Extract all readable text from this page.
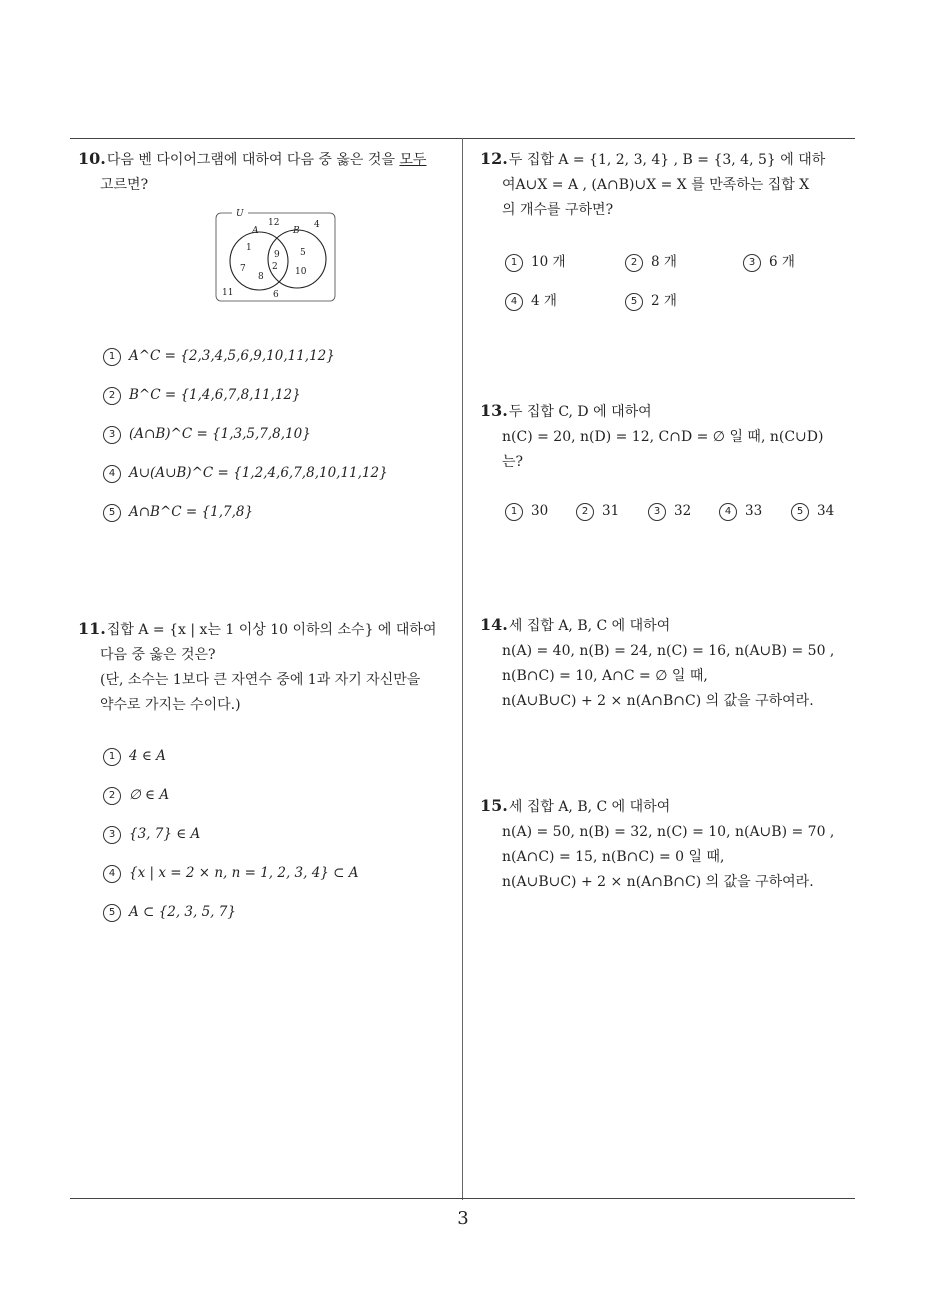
10.다음 벤 다이어그램에 대하여 다음 중 옳은 것을 모두
고르면?
U
A	B
12	4
1
9 5
2 10
7
8
11	6
1 A^C = {2,3,4,5,6,9,10,11,12}
2 B^C = {1,4,6,7,8,11,12}
3 (A∩B)^C = {1,3,5,7,8,10}
4 A∪(A∪B)^C = {1,2,4,6,7,8,10,11,12}
5 A∩B^C = {1,7,8}
11.집합 A = {x | x는 1 이상 10 이하의 소수} 에 대하여
다음 중 옳은 것은?
(단, 소수는 1보다 큰 자연수 중에 1과 자기 자신만을
약수로 가지는 수이다.)
1 4 ∈ A
2 ∅ ∈ A
3 {3, 7} ∈ A
4 {x | x = 2 × n, n = 1, 2, 3, 4} ⊂ A
5 A ⊂ {2, 3, 5, 7}
12.두 집합 A = {1, 2, 3, 4} , B = {3, 4, 5} 에 대하
여A∪X = A , (A∩B)∪X = X 를 만족하는 집합 X
의 개수를 구하면?
1 10 개	2 8 개	3 6 개
4 4 개	5 2 개
13.두 집합 C, D 에 대하여
n(C) = 20, n(D) = 12, C∩D = ∅ 일 때, n(C∪D)
는?
1 30	2 31	3 32	4 33	5 34
14.세 집합 A, B, C 에 대하여
n(A) = 40, n(B) = 24, n(C) = 16, n(A∪B) = 50 ,
n(B∩C) = 10, A∩C = ∅ 일 때,
n(A∪B∪C) + 2 × n(A∩B∩C) 의 값을 구하여라.
15.세 집합 A, B, C 에 대하여
n(A) = 50, n(B) = 32, n(C) = 10, n(A∪B) = 70 ,
n(A∩C) = 15, n(B∩C) = 0 일 때,
n(A∪B∪C) + 2 × n(A∩B∩C) 의 값을 구하여라.
3
